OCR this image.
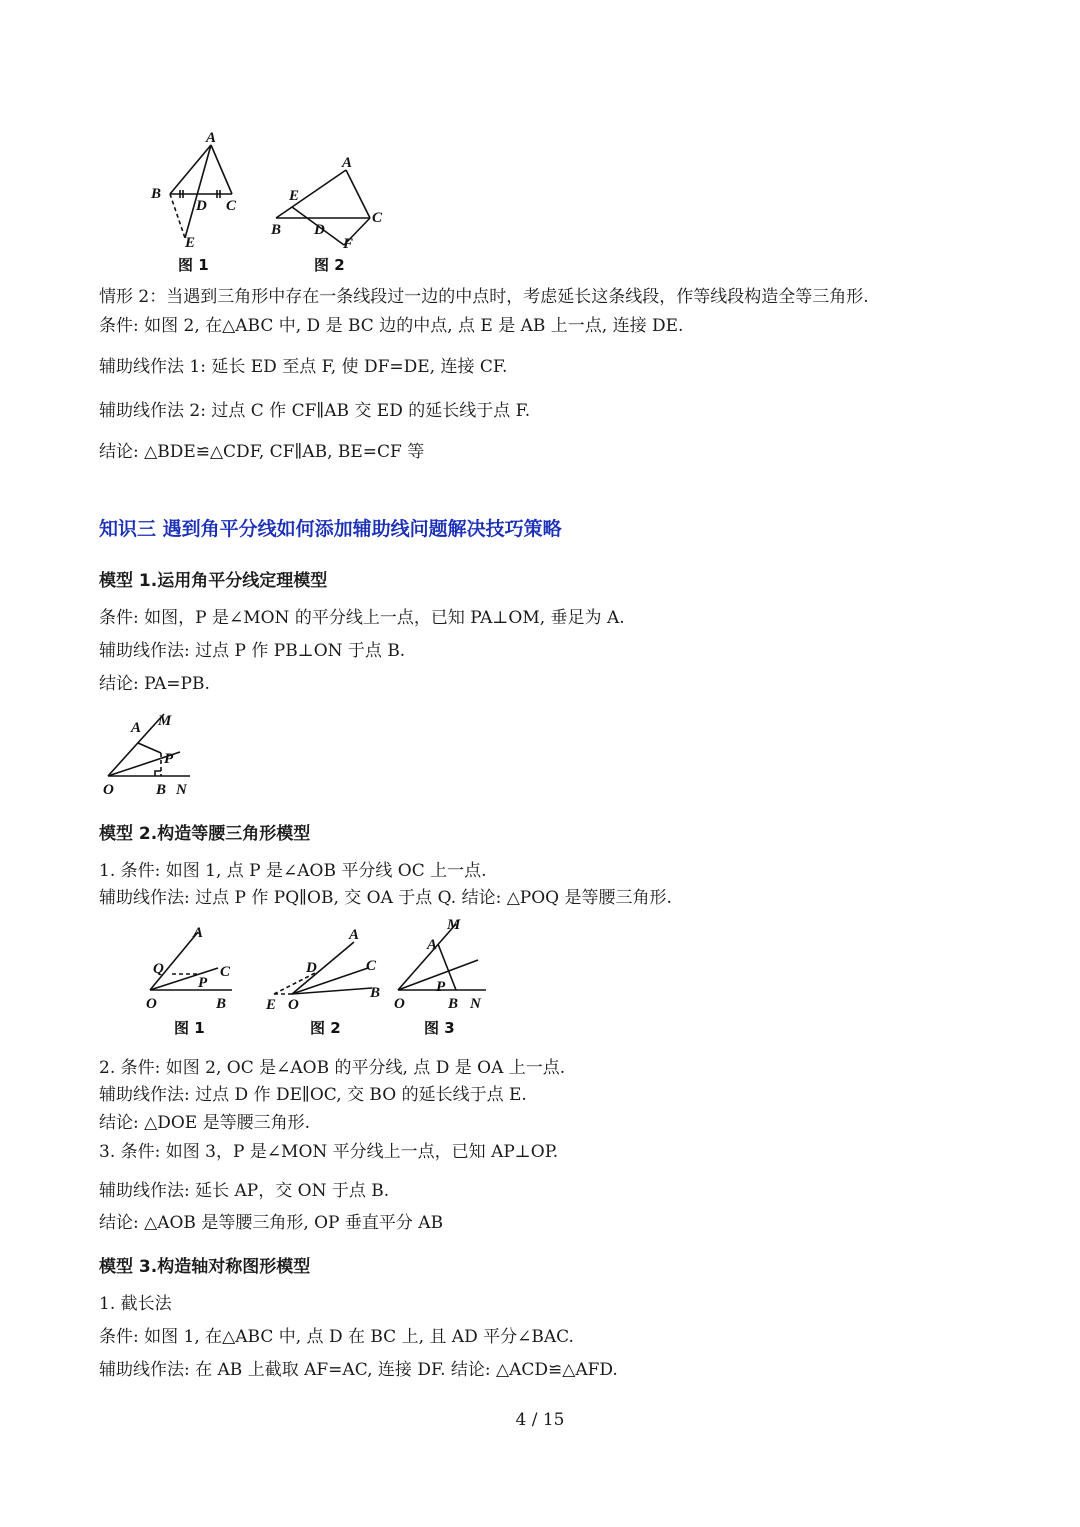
A
B
D C
E
图 1
A
E
C
B D
F
图 2
情形 2：当遇到三角形中存在一条线段过一边的中点时，考虑延长这条线段，作等线段构造全等三角形.
条件: 如图 2, 在△ABC 中, D 是 BC 边的中点, 点 E 是 AB 上一点, 连接 DE.
辅助线作法 1: 延长 ED 至点 F, 使 DF=DE, 连接 CF.
辅助线作法 2: 过点 C 作 CF∥AB 交 ED 的延长线于点 F.
结论: △BDE≌△CDF, CF∥AB, BE=CF 等
知识三 遇到角平分线如何添加辅助线问题解决技巧策略
模型 1.运用角平分线定理模型
条件: 如图，P 是∠MON 的平分线上一点，已知 PA⊥OM, 垂足为 A.
辅助线作法: 过点 P 作 PB⊥ON 于点 B.
结论: PA=PB.
A M
P
O	B N
模型 2.构造等腰三角形模型
1. 条件: 如图 1, 点 P 是∠AOB 平分线 OC 上一点.
辅助线作法: 过点 P 作 PQ∥OB, 交 OA 于点 Q. 结论: △POQ 是等腰三角形.
A
Q	C
P
O	B
图 1
A
D	C
B
E O
图 2
M
A
P
O	B N
图 3
2. 条件: 如图 2, OC 是∠AOB 的平分线, 点 D 是 OA 上一点.
辅助线作法: 过点 D 作 DE∥OC, 交 BO 的延长线于点 E.
结论: △DOE 是等腰三角形.
3. 条件: 如图 3，P 是∠MON 平分线上一点，已知 AP⊥OP.
辅助线作法: 延长 AP，交 ON 于点 B.
结论: △AOB 是等腰三角形, OP 垂直平分 AB
模型 3.构造轴对称图形模型
1. 截长法
条件: 如图 1, 在△ABC 中, 点 D 在 BC 上, 且 AD 平分∠BAC.
辅助线作法: 在 AB 上截取 AF=AC, 连接 DF. 结论: △ACD≌△AFD.
4 / 15
